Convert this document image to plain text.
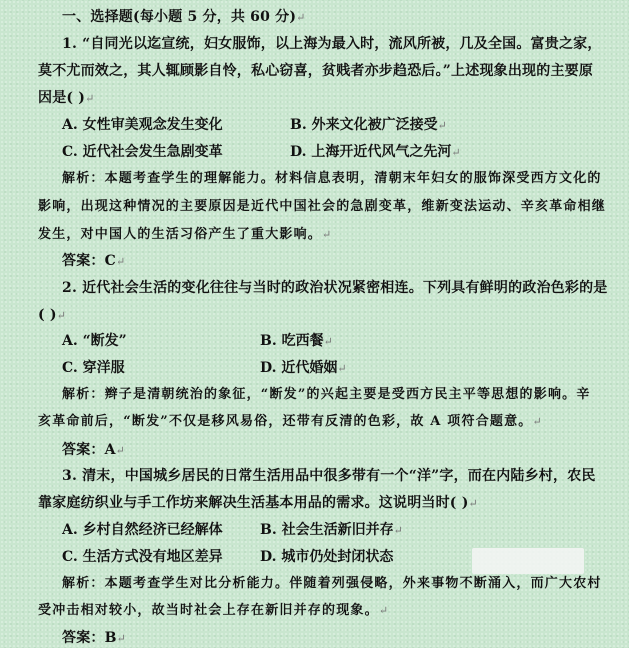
一、选择题(每小题 5 分，共 60 分)↵
1. “自同光以迄宣统，妇女服饰，以上海为最入时，流风所被，几及全国。富贵之家，
莫不尤而效之，其人辄顾影自怜，私心窃喜，贫贱者亦步趋恐后。”上述现象出现的主要原
因是( )↵
A. 女性审美观念发生变化	B. 外来文化被广泛接受↵
C. 近代社会发生急剧变革	D. 上海开近代风气之先河↵
解析：本题考查学生的理解能力。材料信息表明，清朝末年妇女的服饰深受西方文化的
影响，出现这种情况的主要原因是近代中国社会的急剧变革，维新变法运动、辛亥革命相继
发生，对中国人的生活习俗产生了重大影响。↵
答案：C↵
2. 近代社会生活的变化往往与当时的政治状况紧密相连。下列具有鲜明的政治色彩的是
( )↵
A. “断发”	B. 吃西餐↵
C. 穿洋服	D. 近代婚姻↵
解析：辫子是清朝统治的象征，“断发”的兴起主要是受西方民主平等思想的影响。辛
亥革命前后，“断发”不仅是移风易俗，还带有反清的色彩，故 A 项符合题意。↵
答案：A↵
3. 清末，中国城乡居民的日常生活用品中很多带有一个“洋”字，而在内陆乡村，农民
靠家庭纺织业与手工作坊来解决生活基本用品的需求。这说明当时( )↵
A. 乡村自然经济已经解体	B. 社会生活新旧并存↵
C. 生活方式没有地区差异	D. 城市仍处封闭状态
解析：本题考查学生对比分析能力。伴随着列强侵略，外来事物不断涌入，而广大农村
受冲击相对较小，故当时社会上存在新旧并存的现象。↵
答案：B↵
